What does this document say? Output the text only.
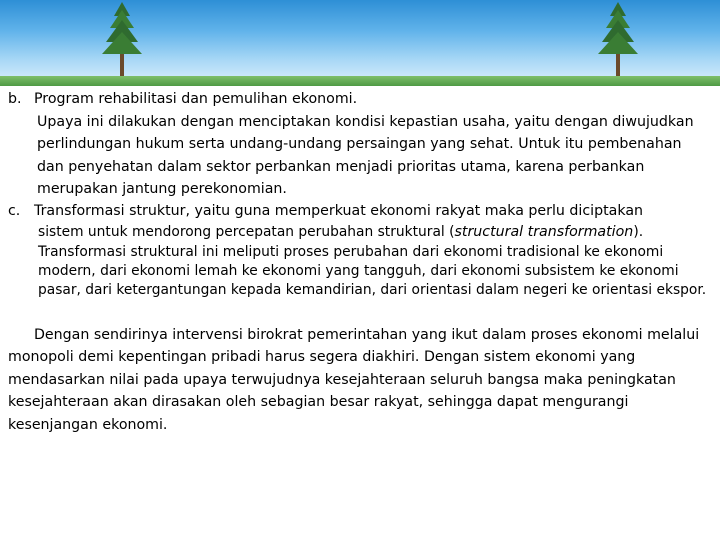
b. Program rehabilitasi dan pemulihan ekonomi.
Upaya ini dilakukan dengan menciptakan kondisi kepastian usaha, yaitu dengan diwujudkan perlindungan hukum serta undang-undang persaingan yang sehat. Untuk itu pembenahan dan penyehatan dalam sektor perbankan menjadi prioritas utama, karena perbankan merupakan jantung perekonomian.
c. Transformasi struktur, yaitu guna memperkuat ekonomi rakyat maka perlu diciptakan
sistem untuk mendorong percepatan perubahan struktural (structural transformation).
Transformasi struktural ini meliputi proses perubahan dari ekonomi tradisional ke ekonomi modern, dari ekonomi lemah ke ekonomi yang tangguh, dari ekonomi subsistem ke ekonomi pasar, dari ketergantungan kepada kemandirian, dari orientasi dalam negeri ke orientasi ekspor.
Dengan sendirinya intervensi birokrat pemerintahan yang ikut dalam proses ekonomi melalui monopoli demi kepentingan pribadi harus segera diakhiri. Dengan sistem ekonomi yang mendasarkan nilai pada upaya terwujudnya kesejahteraan seluruh bangsa maka peningkatan kesejahteraan akan dirasakan oleh sebagian besar rakyat, sehingga dapat mengurangi kesenjangan ekonomi.
